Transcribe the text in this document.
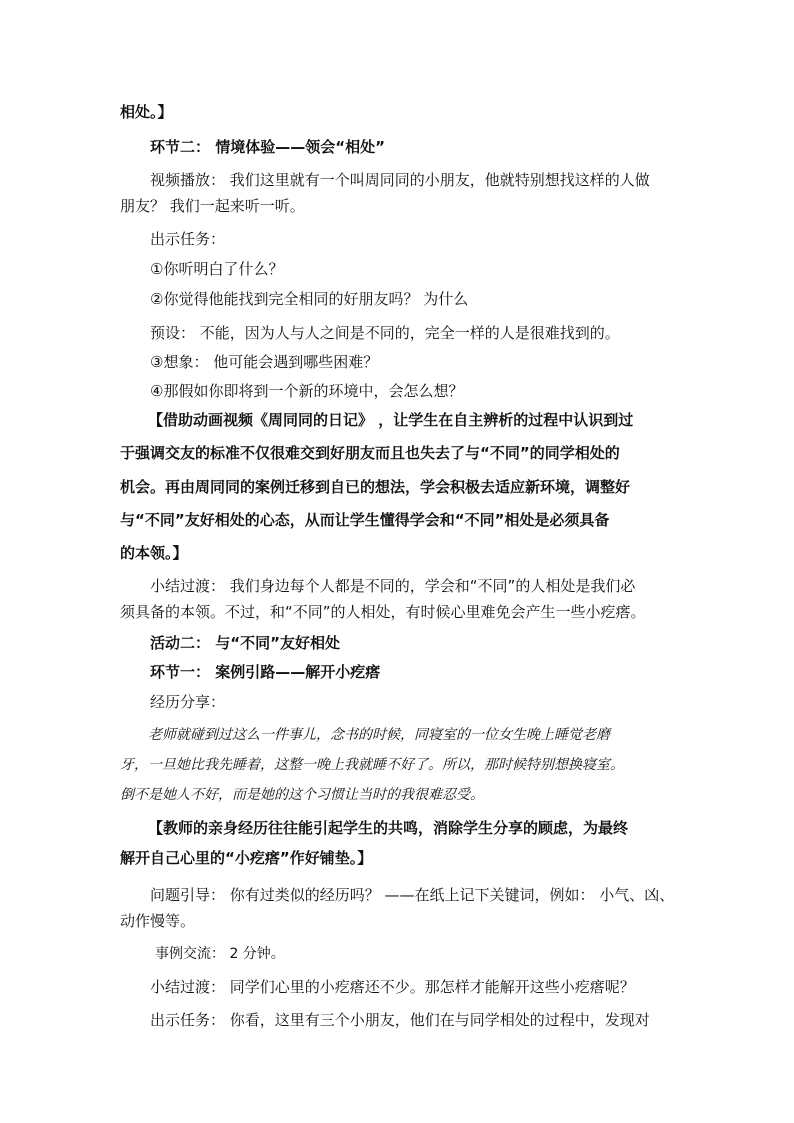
相处。】
环节二： 情境体验——领会“相处”
视频播放： 我们这里就有一个叫周同同的小朋友，他就特别想找这样的人做
朋友？ 我们一起来听一听。
出示任务：
①你听明白了什么？
②你觉得他能找到完全相同的好朋友吗？ 为什么
预设： 不能，因为人与人之间是不同的，完全一样的人是很难找到的。
③想象： 他可能会遇到哪些困难？
④那假如你即将到一个新的环境中，会怎么想？
【借助动画视频《周同同的日记》 ，让学生在自主辨析的过程中认识到过
于强调交友的标准不仅很难交到好朋友而且也失去了与“不同”的同学相处的
机会。再由周同同的案例迁移到自已的想法，学会积极去适应新环境，调整好
与“不同”友好相处的心态，从而让学生懂得学会和“不同”相处是必须具备
的本领。】
小结过渡： 我们身边每个人都是不同的，学会和“不同”的人相处是我们必
须具备的本领。不过，和“不同”的人相处，有时候心里难免会产生一些小疙瘩。
活动二： 与“不同”友好相处
环节一： 案例引路——解开小疙瘩
经历分享：
老师就碰到过这么一件事儿，念书的时候，同寝室的一位女生晚上睡觉老磨
牙，一旦她比我先睡着，这整一晚上我就睡不好了。所以，那时候特别想换寝室。
倒不是她人不好，而是她的这个习惯让当时的我很难忍受。
【教师的亲身经历往往能引起学生的共鸣，消除学生分享的顾虑，为最终
解开自己心里的“小疙瘩”作好铺垫。】
问题引导： 你有过类似的经历吗？ ——在纸上记下关键词，例如： 小气、凶、
动作慢等。
事例交流： 2 分钟。
小结过渡： 同学们心里的小疙瘩还不少。那怎样才能解开这些小疙瘩呢？
出示任务： 你看，这里有三个小朋友，他们在与同学相处的过程中，发现对
